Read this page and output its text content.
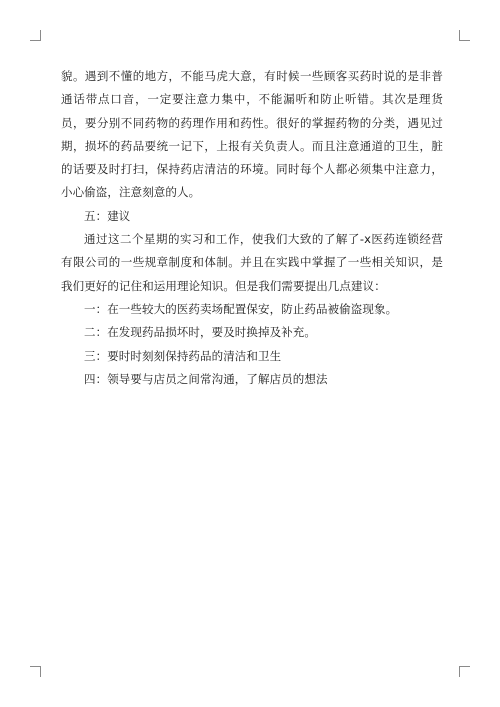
貌。遇到不懂的地方，不能马虎大意，有时候一些顾客买药时说的是非普通话带点口音，一定要注意力集中，不能漏听和防止听错。其次是理货员，要分别不同药物的药理作用和药性。很好的掌握药物的分类，遇见过期，损坏的药品要统一记下，上报有关负责人。而且注意通道的卫生，脏的话要及时打扫，保持药店清洁的环境。同时每个人都必须集中注意力，小心偷盗，注意刻意的人。

五：建议

通过这二个星期的实习和工作，使我们大致的了解了-x医药连锁经营有限公司的一些规章制度和体制。并且在实践中掌握了一些相关知识，是我们更好的记住和运用理论知识。但是我们需要提出几点建议：

一：在一些较大的医药卖场配置保安，防止药品被偷盗现象。

二：在发现药品损坏时，要及时换掉及补充。

三：要时时刻刻保持药品的清洁和卫生

四：领导要与店员之间常沟通，了解店员的想法
